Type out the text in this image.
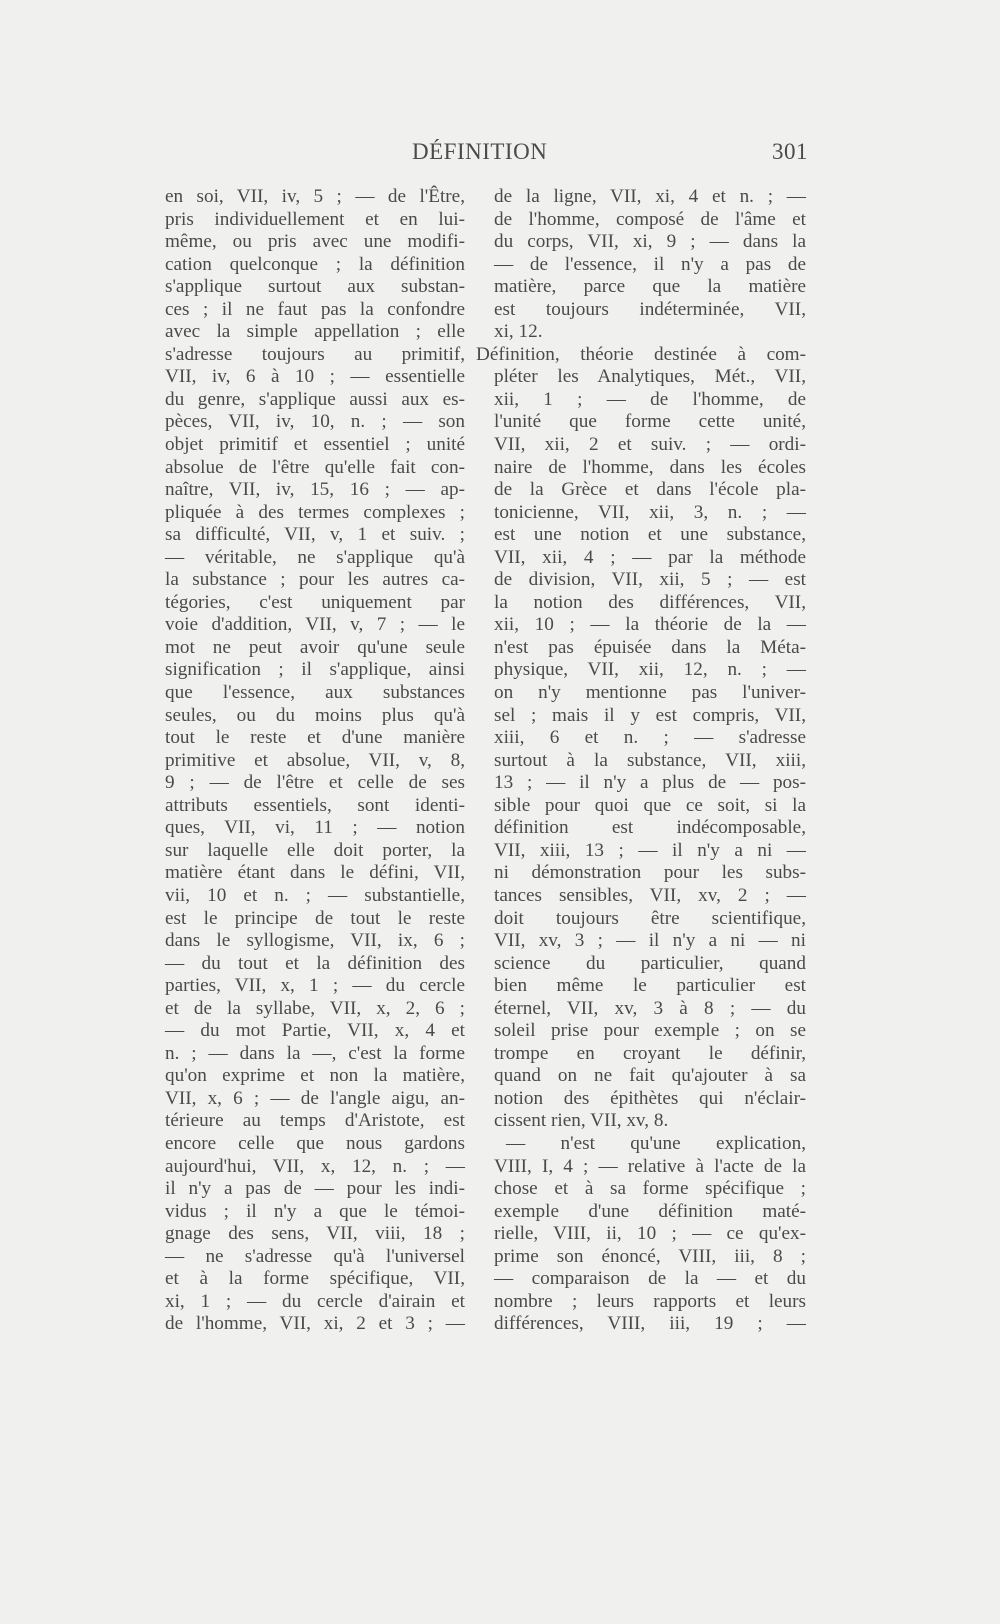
DÉFINITION	301
en soi, VII, iv, 5 ; — de l'Être,
pris individuellement et en lui-
même, ou pris avec une modifi-
cation quelconque ; la définition
s'applique surtout aux substan-
ces ; il ne faut pas la confondre
avec la simple appellation ; elle
s'adresse toujours au primitif,
VII, iv, 6 à 10 ; — essentielle
du genre, s'applique aussi aux es-
pèces, VII, iv, 10, n. ; — son
objet primitif et essentiel ; unité
absolue de l'être qu'elle fait con-
naître, VII, iv, 15, 16 ; — ap-
pliquée à des termes complexes ;
sa difficulté, VII, v, 1 et suiv. ;
— véritable, ne s'applique qu'à
la substance ; pour les autres ca-
tégories, c'est uniquement par
voie d'addition, VII, v, 7 ; — le
mot ne peut avoir qu'une seule
signification ; il s'applique, ainsi
que l'essence, aux substances
seules, ou du moins plus qu'à
tout le reste et d'une manière
primitive et absolue, VII, v, 8,
9 ; — de l'être et celle de ses
attributs essentiels, sont identi-
ques, VII, vi, 11 ; — notion
sur laquelle elle doit porter, la
matière étant dans le défini, VII,
vii, 10 et n. ; — substantielle,
est le principe de tout le reste
dans le syllogisme, VII, ix, 6 ;
— du tout et la définition des
parties, VII, x, 1 ; — du cercle
et de la syllabe, VII, x, 2, 6 ;
— du mot Partie, VII, x, 4 et
n. ; — dans la —, c'est la forme
qu'on exprime et non la matière,
VII, x, 6 ; — de l'angle aigu, an-
térieure au temps d'Aristote, est
encore celle que nous gardons
aujourd'hui, VII, x, 12, n. ; —
il n'y a pas de — pour les indi-
vidus ; il n'y a que le témoi-
gnage des sens, VII, viii, 18 ;
— ne s'adresse qu'à l'universel
et à la forme spécifique, VII,
xi, 1 ; — du cercle d'airain et
de l'homme, VII, xi, 2 et 3 ; —
de la ligne, VII, xi, 4 et n. ; —
de l'homme, composé de l'âme et
du corps, VII, xi, 9 ; — dans la
— de l'essence, il n'y a pas de
matière, parce que la matière
est toujours indéterminée, VII,
xi, 12.
Définition, théorie destinée à com-
pléter les Analytiques, Mét., VII,
xii, 1 ; — de l'homme, de
l'unité que forme cette unité,
VII, xii, 2 et suiv. ; — ordi-
naire de l'homme, dans les écoles
de la Grèce et dans l'école pla-
tonicienne, VII, xii, 3, n. ; —
est une notion et une substance,
VII, xii, 4 ; — par la méthode
de division, VII, xii, 5 ; — est
la notion des différences, VII,
xii, 10 ; — la théorie de la —
n'est pas épuisée dans la Méta-
physique, VII, xii, 12, n. ; —
on n'y mentionne pas l'univer-
sel ; mais il y est compris, VII,
xiii, 6 et n. ; — s'adresse
surtout à la substance, VII, xiii,
13 ; — il n'y a plus de — pos-
sible pour quoi que ce soit, si la
définition est indécomposable,
VII, xiii, 13 ; — il n'y a ni —
ni démonstration pour les subs-
tances sensibles, VII, xv, 2 ; —
doit toujours être scientifique,
VII, xv, 3 ; — il n'y a ni — ni
science du particulier, quand
bien même le particulier est
éternel, VII, xv, 3 à 8 ; — du
soleil prise pour exemple ; on se
trompe en croyant le définir,
quand on ne fait qu'ajouter à sa
notion des épithètes qui n'éclair-
cissent rien, VII, xv, 8.
— n'est qu'une explication,
VIII, I, 4 ; — relative à l'acte de la
chose et à sa forme spécifique ;
exemple d'une définition maté-
rielle, VIII, ii, 10 ; — ce qu'ex-
prime son énoncé, VIII, iii, 8 ;
— comparaison de la — et du
nombre ; leurs rapports et leurs
différences, VIII, iii, 19 ; —
